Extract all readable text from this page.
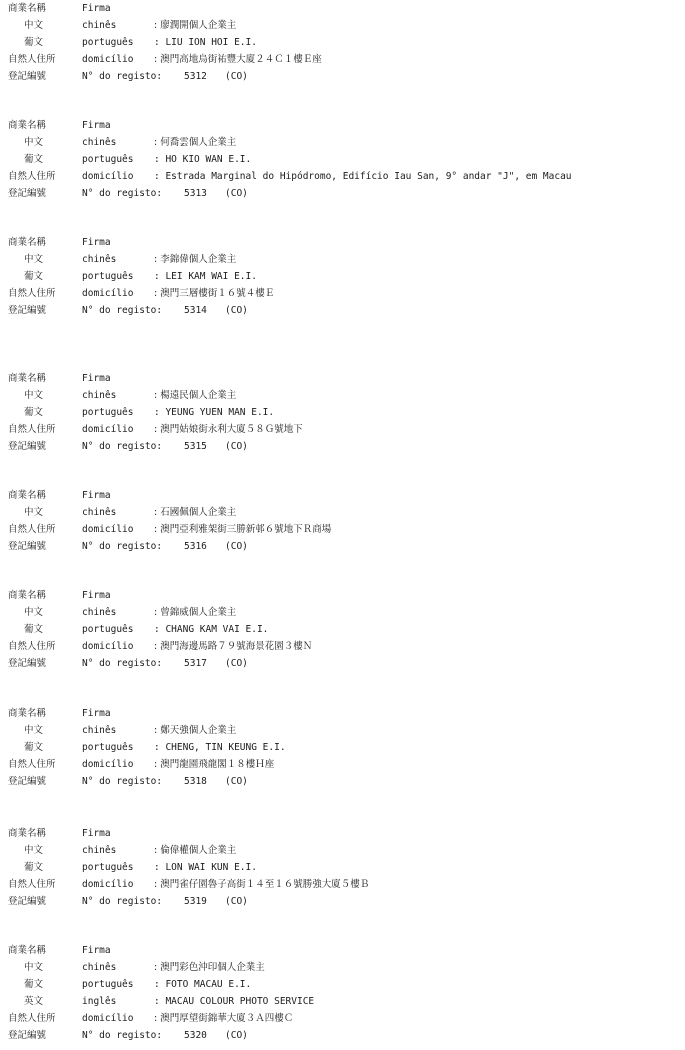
商業名稱	Firma
中文	chinês	: 廖潤開個人企業主
葡文	português : LIU ION HOI E.I.
自然人住所	domicílio : 澳門高地烏街祐豐大廈２４Ｃ１樓Ｅ座
登記編號	N° do registo: 5312 (CO)
商業名稱	Firma
中文	chinês	: 何喬雲個人企業主
葡文	português : HO KIO WAN E.I.
自然人住所	domicílio : Estrada Marginal do Hipódromo, Edifício Iau San, 9° andar "J", em Macau
登記編號	N° do registo: 5313 (CO)
商業名稱	Firma
中文	chinês	: 李錦偉個人企業主
葡文	português : LEI KAM WAI E.I.
自然人住所	domicílio : 澳門三層樓街１６號４樓Ｅ
登記編號	N° do registo: 5314 (CO)
商業名稱	Firma
中文	chinês	: 楊遠民個人企業主
葡文	português : YEUNG YUEN MAN E.I.
自然人住所	domicílio : 澳門姑娘街永利大廈５８Ｇ號地下
登記編號	N° do registo: 5315 (CO)
商業名稱	Firma
中文	chinês	: 石國佩個人企業主
自然人住所	domicílio : 澳門亞利雅架街三勝新邨６號地下Ｒ商場
登記編號	N° do registo: 5316 (CO)
商業名稱	Firma
中文	chinês	: 曾錦威個人企業主
葡文	português : CHANG KAM VAI E.I.
自然人住所	domicílio : 澳門海邊馬路７９號海景花園３樓Ｎ
登記編號	N° do registo: 5317 (CO)
商業名稱	Firma
中文	chinês	: 鄭天強個人企業主
葡文	português : CHENG, TIN KEUNG E.I.
自然人住所	domicílio : 澳門龍園飛龍閣１８樓Ｈ座
登記編號	N° do registo: 5318 (CO)
商業名稱	Firma
中文	chinês	: 倫偉權個人企業主
葡文	português : LON WAI KUN E.I.
自然人住所	domicílio : 澳門雀仔園魯子高街１４至１６號勝強大廈５樓Ｂ
登記編號	N° do registo: 5319 (CO)
商業名稱	Firma
中文	chinês	: 澳門彩色沖印個人企業主
葡文	português : FOTO MACAU E.I.
英文	inglês	: MACAU COLOUR PHOTO SERVICE
自然人住所	domicílio : 澳門厚望街錦華大廈３Ａ四樓Ｃ
登記編號	N° do registo: 5320 (CO)
